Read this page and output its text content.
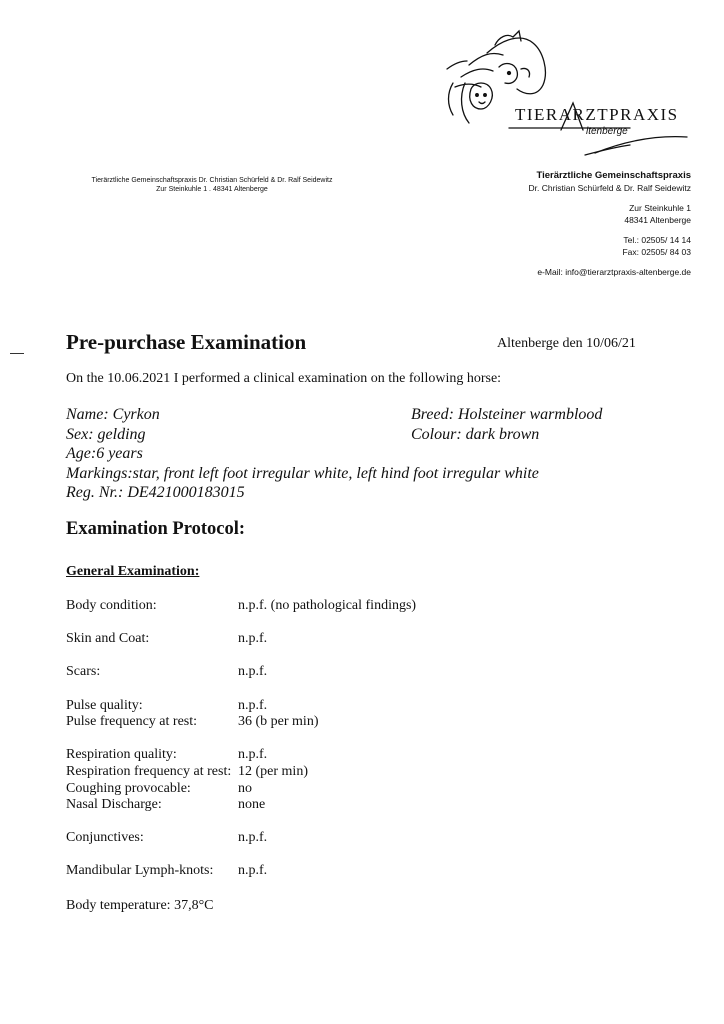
TIERARZTPRAXIS
ltenberge
Tierärztliche Gemeinschaftspraxis Dr. Christian Schürfeld & Dr. Ralf Seidewitz
Zur Steinkuhle 1 . 48341 Altenberge
Tierärztliche Gemeinschaftspraxis
Dr. Christian Schürfeld & Dr. Ralf Seidewitz
Zur Steinkuhle 1
48341 Altenberge
Tel.: 02505/ 14 14
Fax: 02505/ 84 03
e-Mail: info@tierarztpraxis-altenberge.de
Pre-purchase Examination	Altenberge den 10/06/21
On the 10.06.2021 I performed a clinical examination on the following horse:
Name: Cyrkon	Breed: Holsteiner warmblood
Sex: gelding	Colour: dark brown
Age:6 years
Markings:star, front left foot irregular white, left hind foot irregular white
Reg. Nr.: DE421000183015
Examination Protocol:
General Examination:
Body condition:	n.p.f. (no pathological findings)
Skin and Coat:	n.p.f.
Scars:	n.p.f.
Pulse quality:	n.p.f.
Pulse frequency at rest:	36 (b per min)
Respiration quality:	n.p.f.
Respiration frequency at rest: 12 (per min)
Coughing provocable:	no
Nasal Discharge:	none
Conjunctives:	n.p.f.
Mandibular Lymph-knots: n.p.f.
Body temperature: 37,8°C
